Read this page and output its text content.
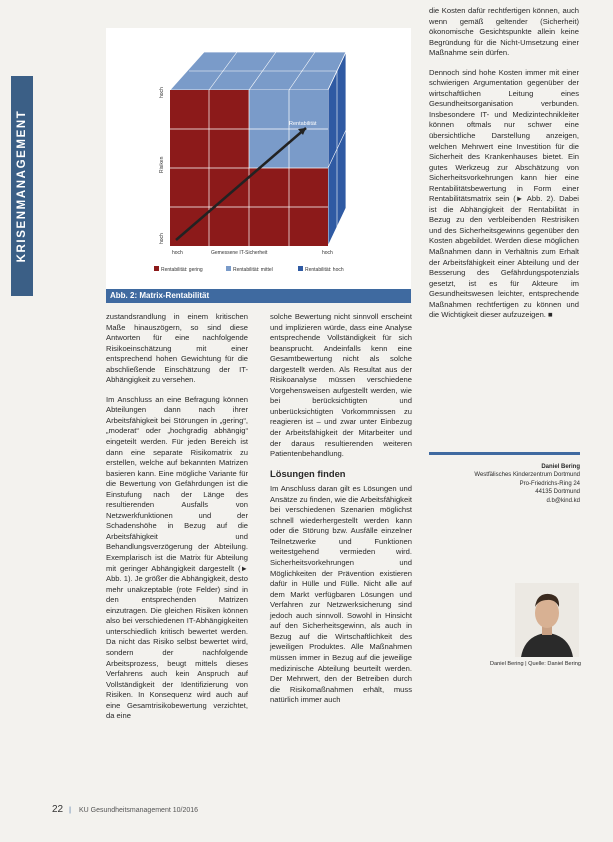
KRISENMANAGEMENT	Rentabilität
hoch
Risiken
hoch
hoch	Gemessene IT-Sicherheit	hoch
Rentabilität: gering	Rentabilität: mittel	Rentabilität: hoch
Abb. 2: Matrix-Rentabilität

zustandsrandlung in einem kritischen Maße hinauszögern, so sind diese Antworten für eine nachfolgende Risikoeinschätzung mit einer entsprechend hohen Gewichtung für die abschließende Einschätzung der IT-Abhängigkeit zu versehen.

Im Anschluss an eine Befragung können Abteilungen dann nach ihrer Arbeitsfähigkeit bei Störungen in „gering“, „moderat“ oder „hochgradig abhängig“ eingeteilt werden. Für jeden Bereich ist dann eine separate Risikomatrix zu erstellen, welche auf bekannten Matrizen basieren kann. Eine mögliche Variante für die Bewertung von Gefährdungen ist die Einstufung nach der Länge des resultierenden Ausfalls von Netzwerkfunktionen und der Schadenshöhe in Bezug auf die Arbeitsfähigkeit und Behandlungsverzögerung der Abteilung. Exemplarisch ist die Matrix für Abteilung mit geringer Abhängigkeit dargestellt (► Abb. 1). Je größer die Abhängigkeit, desto mehr unakzeptable (rote Felder) sind in den entsprechenden Matrizen einzutragen. Die gleichen Risiken können also bei verschiedenen IT-Abhängigkeiten unterschiedlich kritisch bewertet werden. Da nicht das Risiko selbst bewertet wird, sondern der nachfolgende Arbeitsprozess, beugt mittels dieses Verfahrens auch kein Anspruch auf Vollständigkeit der Identifizierung von Risiken. In Konsequenz wird auch auf eine Gesamtrisikobewertung verzichtet, da eine

solche Bewertung nicht sinnvoll erscheint und implizieren würde, dass eine Analyse entsprechende Vollständigkeit für sich beansprucht. Andeinfalls kenn eine Gesamtbewertung nicht als solche dargestellt werden. Als Resultat aus der Risikoanalyse müssen verschiedene Vorgehensweisen aufgestellt werden, wie bei berücksichtigten und unberücksichtigten Vorkommnissen zu reagieren ist – und zwar unter Einbezug der Arbeitsfähigkeit der Mitarbeiter und der daraus resultierenden weiteren Patientenbehandlung.

Lösungen finden

Im Anschluss daran gilt es Lösungen und Ansätze zu finden, wie die Arbeitsfähigkeit bei verschiedenen Szenarien möglichst schnell wiederhergestellt werden kann oder die Störung bzw. Ausfälle einzelner Teilnetzwerke und Funktionen weitestgehend vermieden wird. Sicherheitsvorkehrungen und Möglichkeiten der Prävention existieren dafür in Hülle und Fülle. Nicht alle auf dem Markt verfügbaren Lösungen und Verfahren zur Netzwerksicherung sind jedoch auch sinnvoll. Sowohl in Hinsicht auf den Sicherheitsgewinn, als auch in Bezug auf die Wirtschaftlichkeit des jeweiligen Produktes. Alle Maßnahmen müssen immer in Bezug auf die jeweilige medizinische Abteilung beurteilt werden. Der Mehrwert, den der Betreiben durch die Risikomaßnahmen erhält, muss natürlich immer auch

die Kosten dafür rechtfertigen können, auch wenn gemäß geltender (Sicherheit) ökonomische Gesichtspunkte allein keine Begründung für die Nicht-Umsetzung einer Maßnahme sein dürfen.

Dennoch sind hohe Kosten immer mit einer schwierigen Argumentation gegenüber der wirtschaftlichen Leitung eines Gesundheitsorganisation verbunden. Insbesondere IT- und Medizintechnikleiter können oftmals nur schwer eine übersichtliche Darstellung anzeigen, welchen Mehrwert eine Investition für die Sicherheit des Krankenhauses bietet. Ein gutes Werkzeug zur Abschätzung von Sicherheitsvorkehrungen kann hier eine Rentabilitätsbewertung in Form einer Rentabilitätsmatrix sein (► Abb. 2). Dabei ist die Abhängigkeit der Rentabilität in Bezug zu den verbleibenden Restrisiken und des Sicherheitsgewinns gegenüber den Kosten abgebildet. Werden diese möglichen Maßnahmen dann in Verhältnis zum Erhalt der Arbeitsfähigkeit einer Abteilung und der Besserung des Gefährdungspotenzials gesetzt, ist es für Akteure im Gesundheitswesen leichter, entsprechende Maßnahmen rechtfertigen zu können und die Wichtigkeit dieser aufzuzeigen. ■

Daniel Bering
Westfälisches Kinderzentrum Dortmund
Pro-Friedrichs-Ring 24
44135 Dortmund
d.b@kind.kd
Daniel Bering | Quelle: Daniel Bering
22 | KU Gesundheitsmanagement 10/2016
